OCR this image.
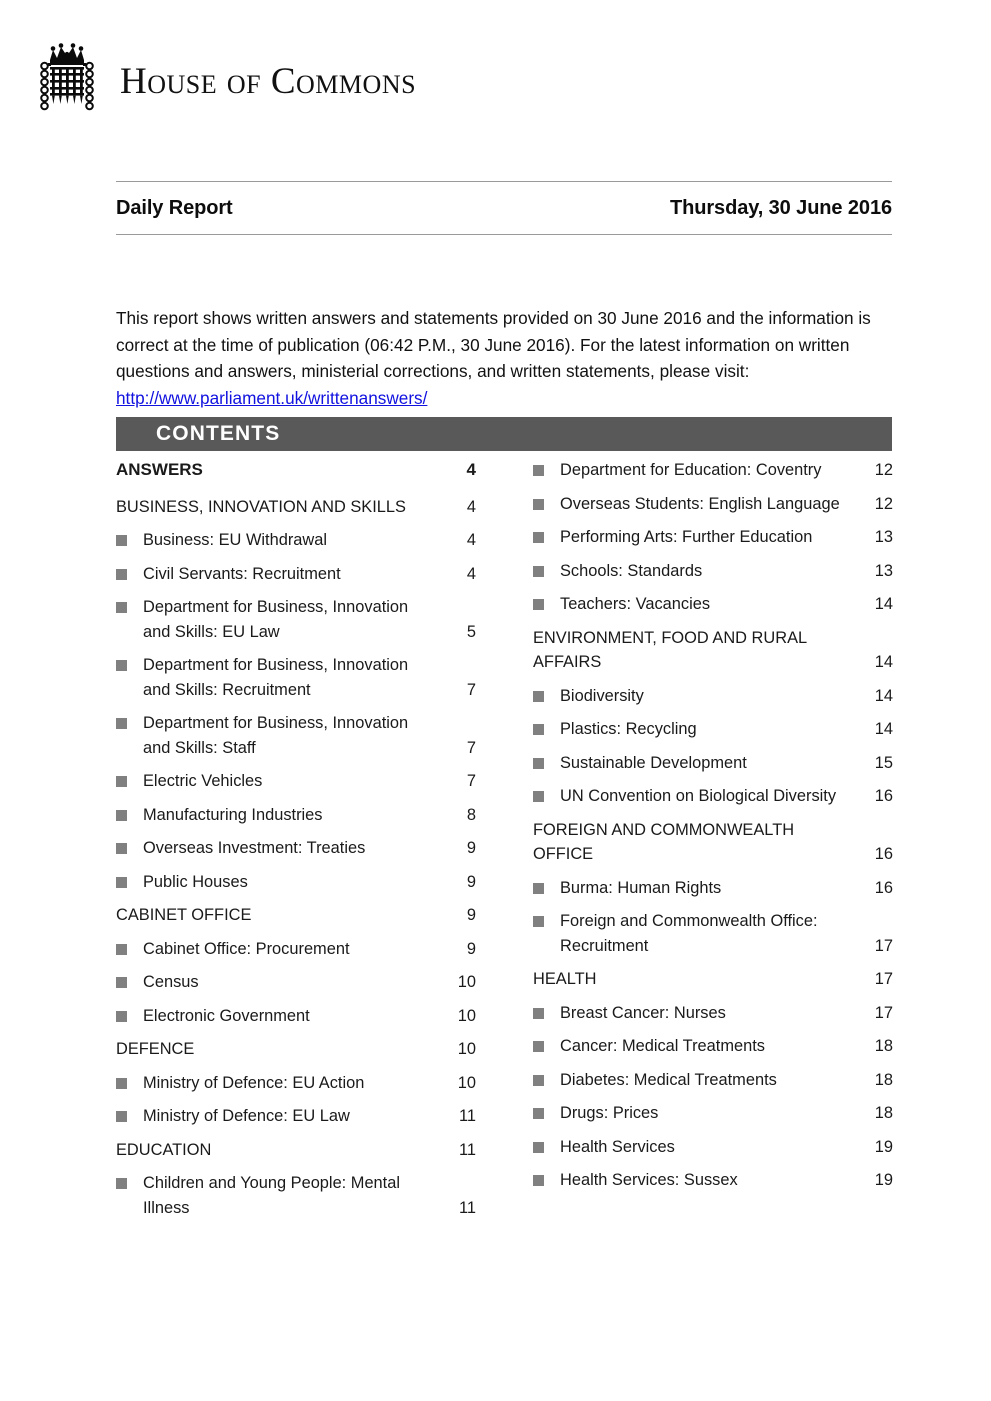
House of Commons
Daily Report	Thursday, 30 June 2016

This report shows written answers and statements provided on 30 June 2016 and the information is correct at the time of publication (06:42 P.M., 30 June 2016). For the latest information on written questions and answers, ministerial corrections, and written statements, please visit: http://www.parliament.uk/writtenanswers/

CONTENTS
ANSWERS	4
BUSINESS, INNOVATION AND SKILLS	4
Business: EU Withdrawal	4
Civil Servants: Recruitment	4
Department for Business, Innovation and Skills: EU Law	5
Department for Business, Innovation and Skills: Recruitment	7
Department for Business, Innovation and Skills: Staff	7
Electric Vehicles	7
Manufacturing Industries	8
Overseas Investment: Treaties	9
Public Houses	9
CABINET OFFICE	9
Cabinet Office: Procurement	9
Census	10
Electronic Government	10
DEFENCE	10
Ministry of Defence: EU Action	10
Ministry of Defence: EU Law	11
EDUCATION	11
Children and Young People: Mental Illness	11
Department for Education: Coventry	12
Overseas Students: English Language	12
Performing Arts: Further Education	13
Schools: Standards	13
Teachers: Vacancies	14
ENVIRONMENT, FOOD AND RURAL AFFAIRS	14
Biodiversity	14
Plastics: Recycling	14
Sustainable Development	15
UN Convention on Biological Diversity	16
FOREIGN AND COMMONWEALTH OFFICE	16
Burma: Human Rights	16
Foreign and Commonwealth Office: Recruitment	17
HEALTH	17
Breast Cancer: Nurses	17
Cancer: Medical Treatments	18
Diabetes: Medical Treatments	18
Drugs: Prices	18
Health Services	19
Health Services: Sussex	19
